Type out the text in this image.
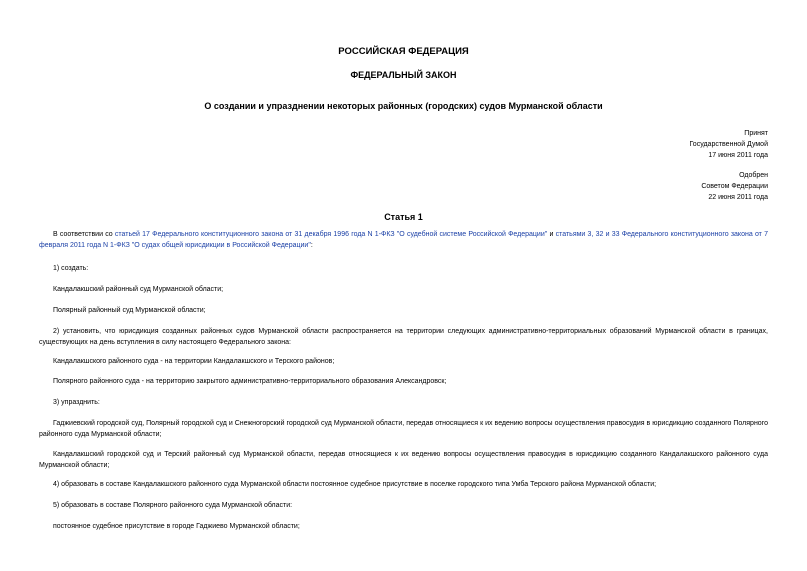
РОССИЙСКАЯ ФЕДЕРАЦИЯ
ФЕДЕРАЛЬНЫЙ ЗАКОН
О создании и упразднении некоторых районных (городских) судов Мурманской области
Принят
Государственной Думой
17 июня 2011 года
Одобрен
Советом Федерации
22 июня 2011 года
Статья 1
В соответствии со статьей 17 Федерального конституционного закона от 31 декабря 1996 года N 1-ФКЗ "О судебной системе Российской Федерации" и статьями 3, 32 и 33 Федерального конституционного закона от 7 февраля 2011 года N 1-ФКЗ "О судах общей юрисдикции в Российской Федерации":
1) создать:
Кандалакшский районный суд Мурманской области;
Полярный районный суд Мурманской области;
2) установить, что юрисдикция созданных районных судов Мурманской области распространяется на территории следующих административно-территориальных образований Мурманской области в границах, существующих на день вступления в силу настоящего Федерального закона:
Кандалакшского районного суда - на территории Кандалакшского и Терского районов;
Полярного районного суда - на территорию закрытого административно-территориального образования Александровск;
3) упразднить:
Гаджиевский городской суд, Полярный городской суд и Снежногорский городской суд Мурманской области, передав относящиеся к их ведению вопросы осуществления правосудия в юрисдикцию созданного Полярного районного суда Мурманской области;
Кандалакшский городской суд и Терский районный суд Мурманской области, передав относящиеся к их ведению вопросы осуществления правосудия в юрисдикцию созданного Кандалакшского районного суда Мурманской области;
4) образовать в составе Кандалакшского районного суда Мурманской области постоянное судебное присутствие в поселке городского типа Умба Терского района Мурманской области;
5) образовать в составе Полярного районного суда Мурманской области:
постоянное судебное присутствие в городе Гаджиево Мурманской области;
